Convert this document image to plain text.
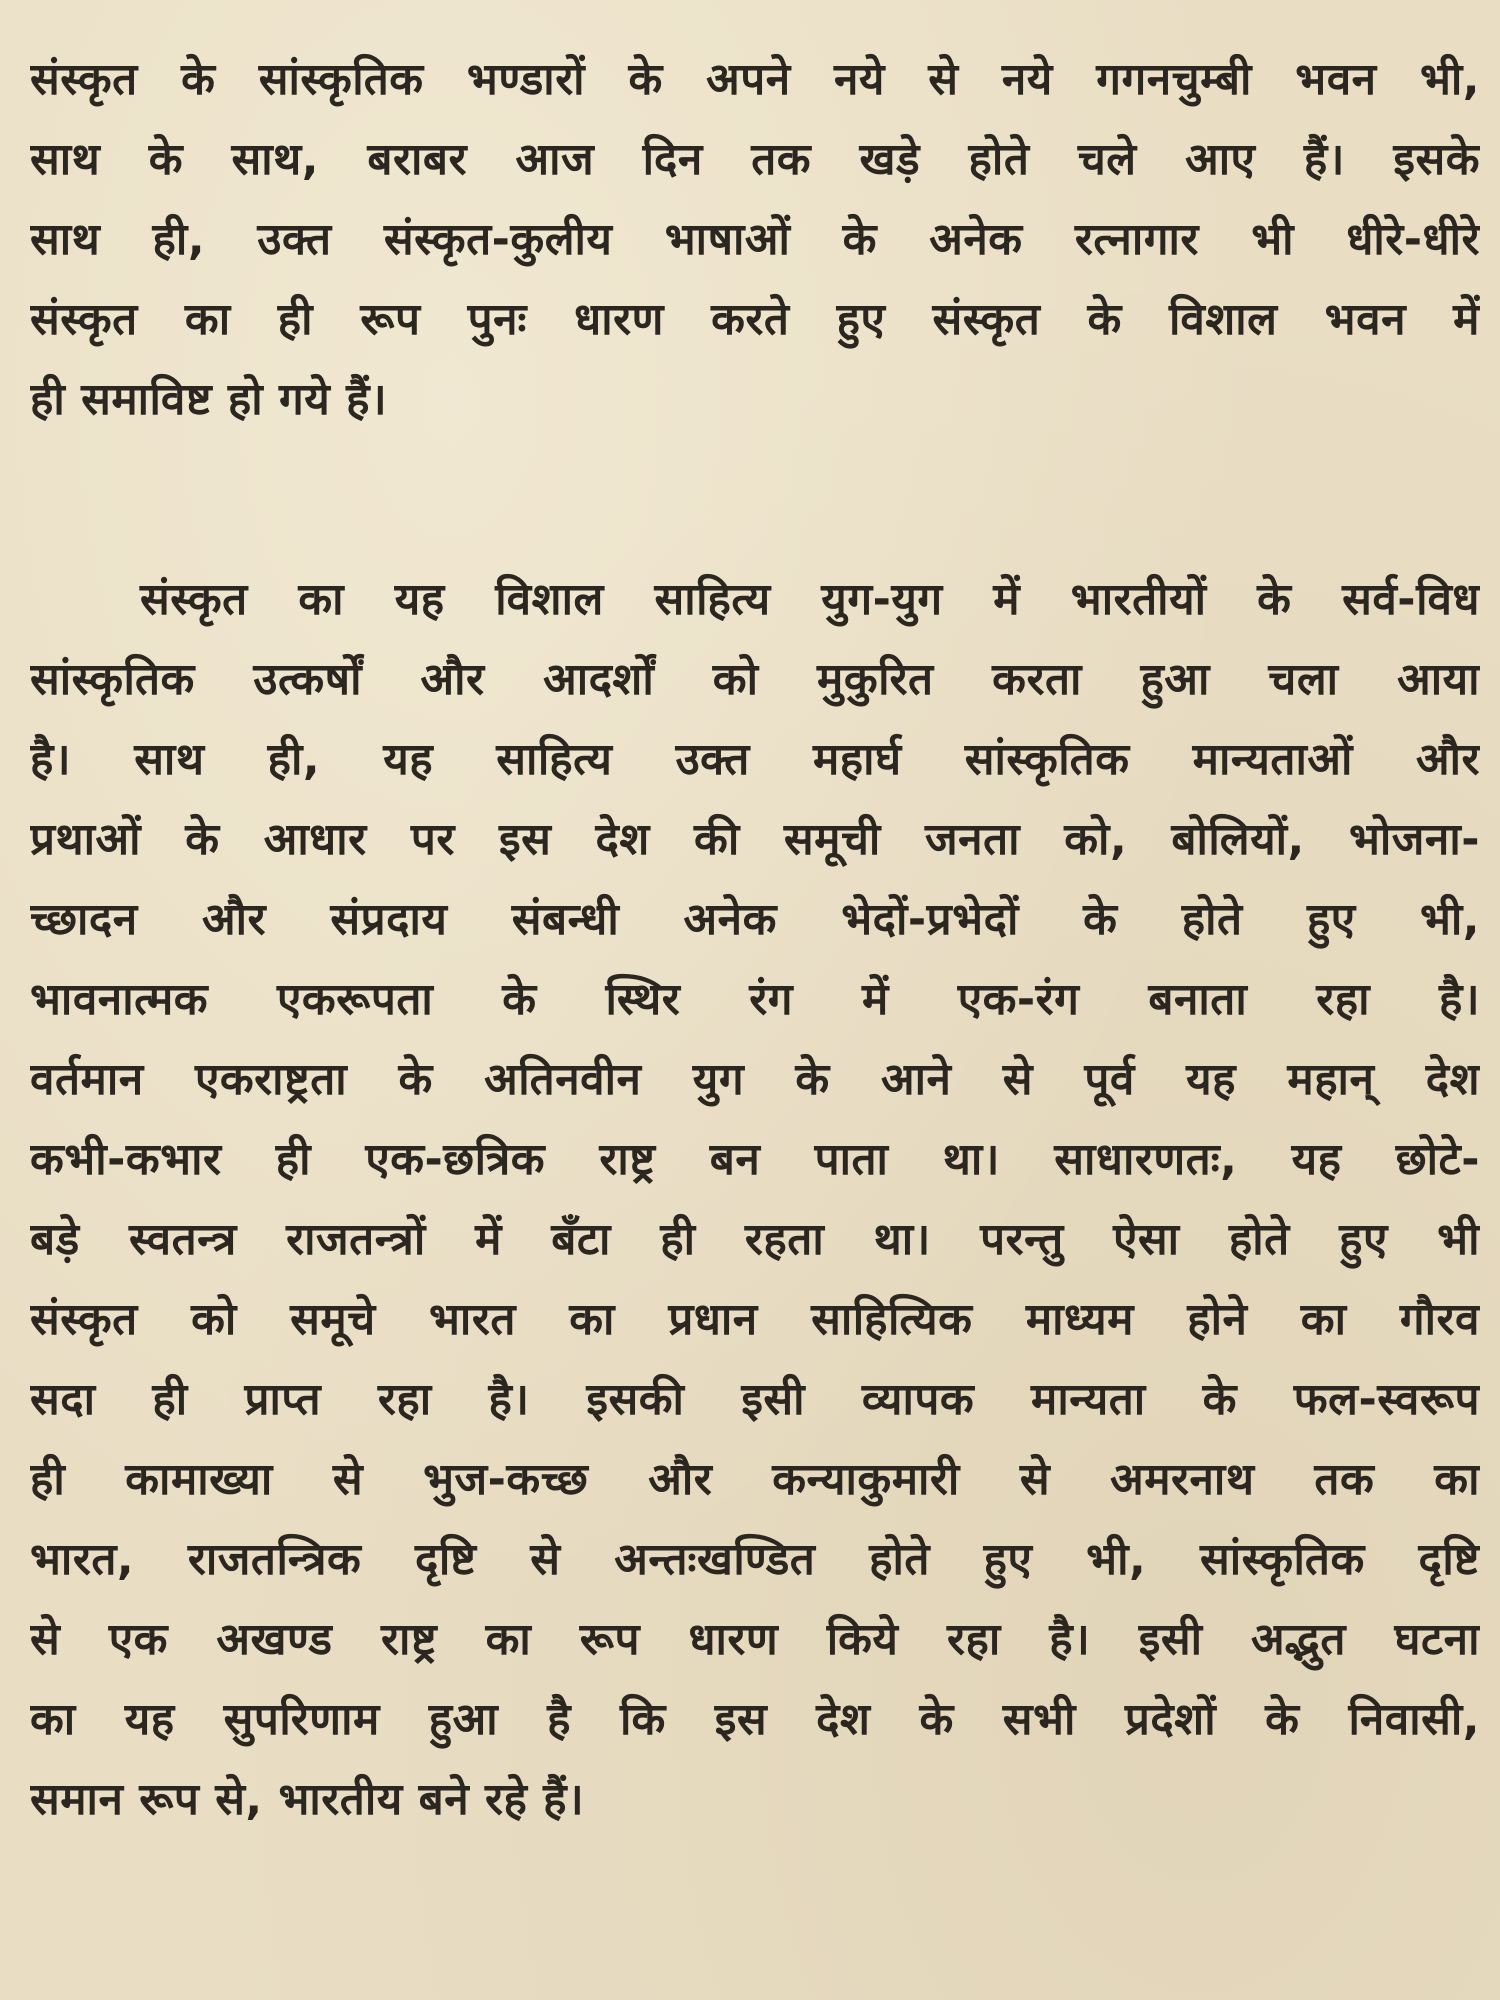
संस्कृत के सांस्कृतिक भण्डारों के अपने नये से नये गगनचुम्बी भवन भी,
साथ के साथ, बराबर आज दिन तक खड़े होते चले आए हैं। इसके
साथ ही, उक्त संस्कृत-कुलीय भाषाओं के अनेक रत्नागार भी धीरे-धीरे
संस्कृत का ही रूप पुनः धारण करते हुए संस्कृत के विशाल भवन में
ही समाविष्ट हो गये हैं।
संस्कृत का यह विशाल साहित्य युग-युग में भारतीयों के सर्व-विध
सांस्कृतिक उत्कर्षों और आदर्शों को मुकुरित करता हुआ चला आया
है। साथ ही, यह साहित्य उक्त महार्घ सांस्कृतिक मान्यताओं और
प्रथाओं के आधार पर इस देश की समूची जनता को, बोलियों, भोजना-
च्छादन और संप्रदाय संबन्धी अनेक भेदों-प्रभेदों के होते हुए भी,
भावनात्मक एकरूपता के स्थिर रंग में एक-रंग बनाता रहा है।
वर्तमान एकराष्ट्रता के अतिनवीन युग के आने से पूर्व यह महान् देश
कभी-कभार ही एक-छत्रिक राष्ट्र बन पाता था। साधारणतः, यह छोटे-
बड़े स्वतन्त्र राजतन्त्रों में बँटा ही रहता था। परन्तु ऐसा होते हुए भी
संस्कृत को समूचे भारत का प्रधान साहित्यिक माध्यम होने का गौरव
सदा ही प्राप्त रहा है। इसकी इसी व्यापक मान्यता के फल-स्वरूप
ही कामाख्या से भुज-कच्छ और कन्याकुमारी से अमरनाथ तक का
भारत, राजतन्त्रिक दृष्टि से अन्तःखण्डित होते हुए भी, सांस्कृतिक दृष्टि
से एक अखण्ड राष्ट्र का रूप धारण किये रहा है। इसी अद्भुत घटना
का यह सुपरिणाम हुआ है कि इस देश के सभी प्रदेशों के निवासी,
समान रूप से, भारतीय बने रहे हैं।
